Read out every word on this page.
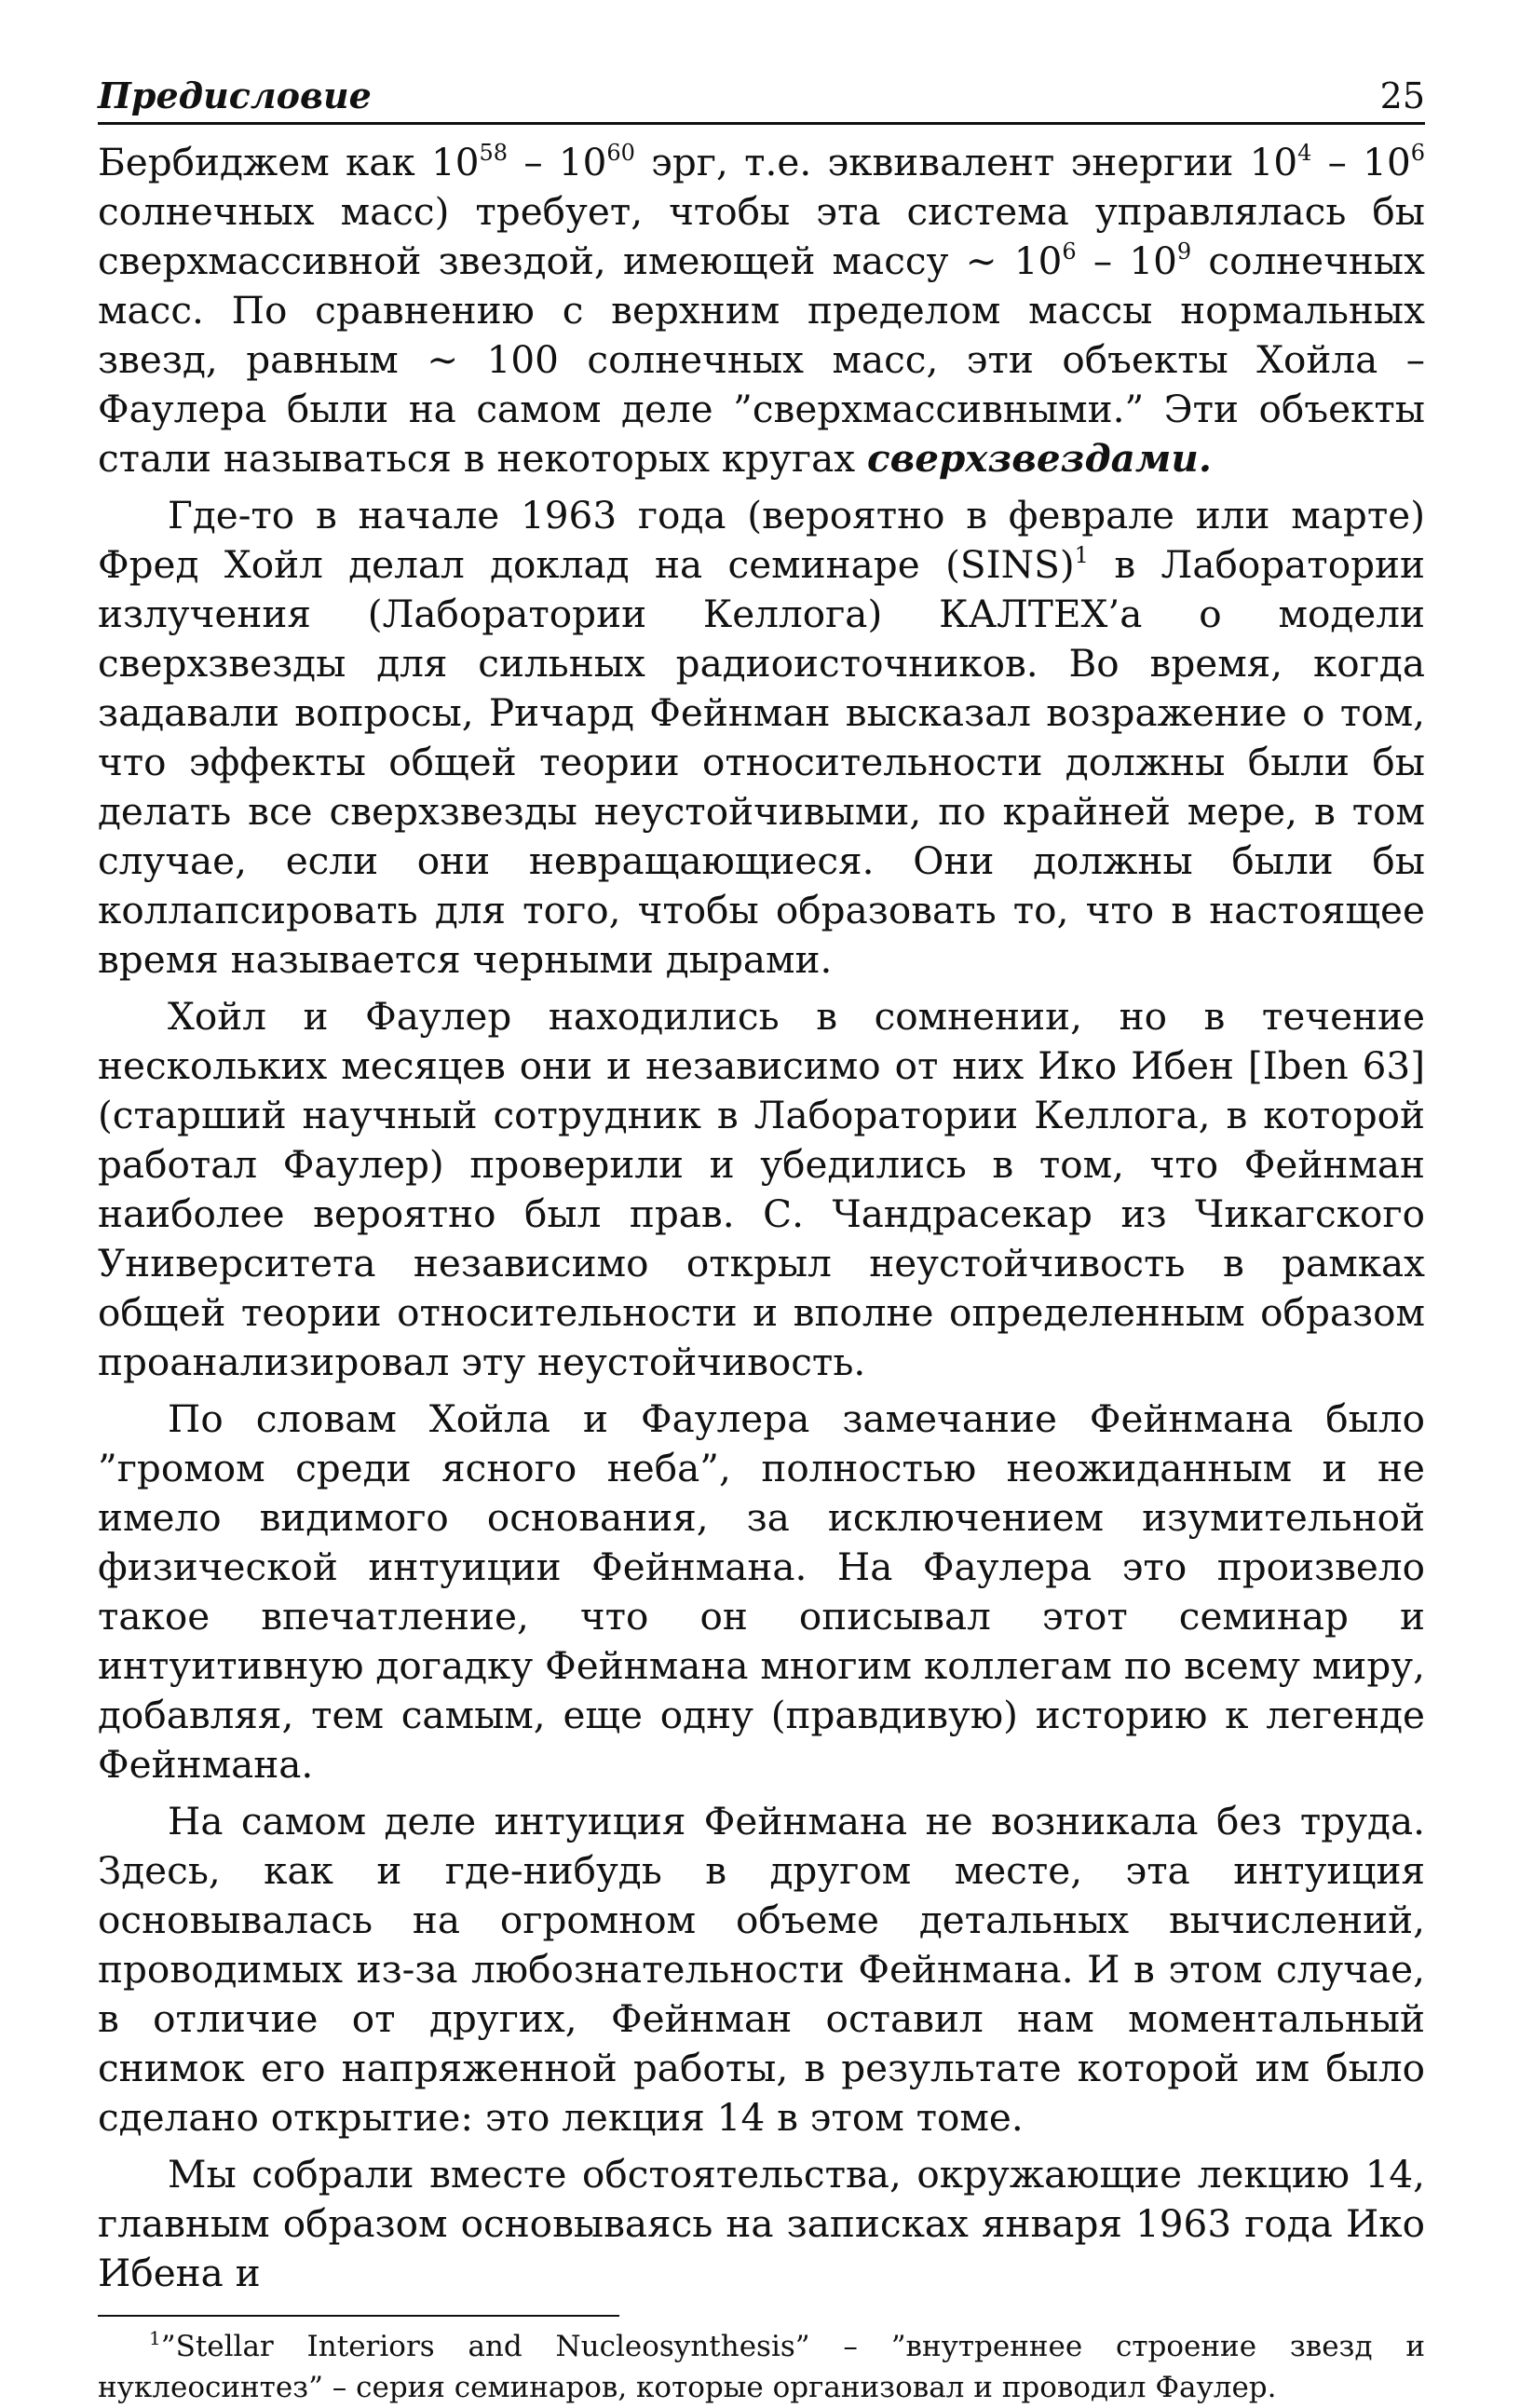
Предисловие	25

Бербиджем как $10^{58} - 10^{60}$ эрг, т.е. эквивалент энергии $10^4 - 10^6$ солнечных масс) требует, чтобы эта система управлялась бы сверхмассивной звездой, имеющей массу ∼ $10^6 - 10^9$ солнечных масс. По сравнению с верхним пределом массы нормальных звезд, равным ∼ 100 солнечных масс, эти объекты Хойла – Фаулера были на самом деле ”сверхмассивными.” Эти объекты стали называться в некоторых кругах сверхзвездами.

Где-то в начале 1963 года (вероятно в феврале или марте) Фред Хойл делал доклад на семинаре (SINS)$^1$ в Лаборатории излучения (Лаборатории Келлога) КАЛТЕХ’а о модели сверхзвезды для сильных радиоисточников. Во время, когда задавали вопросы, Ричард Фейнман высказал возражение о том, что эффекты общей теории относительности должны были бы делать все сверхзвезды неустойчивыми, по крайней мере, в том случае, если они невращающиеся. Они должны были бы коллапсировать для того, чтобы образовать то, что в настоящее время называется черными дырами.

Хойл и Фаулер находились в сомнении, но в течение нескольких месяцев они и независимо от них Ико Ибен [Iben 63] (старший научный сотрудник в Лаборатории Келлога, в которой работал Фаулер) проверили и убедились в том, что Фейнман наиболее вероятно был прав. С. Чандрасекар из Чикагского Университета независимо открыл неустойчивость в рамках общей теории относительности и вполне определенным образом проанализировал эту неустойчивость.

По словам Хойла и Фаулера замечание Фейнмана было ”громом среди ясного неба”, полностью неожиданным и не имело видимого основания, за исключением изумительной физической интуиции Фейнмана. На Фаулера это произвело такое впечатление, что он описывал этот семинар и интуитивную догадку Фейнмана многим коллегам по всему миру, добавляя, тем самым, еще одну (правдивую) историю к легенде Фейнмана.

На самом деле интуиция Фейнмана не возникала без труда. Здесь, как и где-нибудь в другом месте, эта интуиция основывалась на огромном объеме детальных вычислений, проводимых из-за любознательности Фейнмана. И в этом случае, в отличие от других, Фейнман оставил нам моментальный снимок его напряженной работы, в результате которой им было сделано открытие: это лекция 14 в этом томе.

Мы собрали вместе обстоятельства, окружающие лекцию 14, главным образом основываясь на записках января 1963 года Ико Ибена и

$^1$”Stellar Interiors and Nucleosynthesis” – ”внутреннее строение звезд и нуклеосинтез” – серия семинаров, которые организовал и проводил Фаулер.
